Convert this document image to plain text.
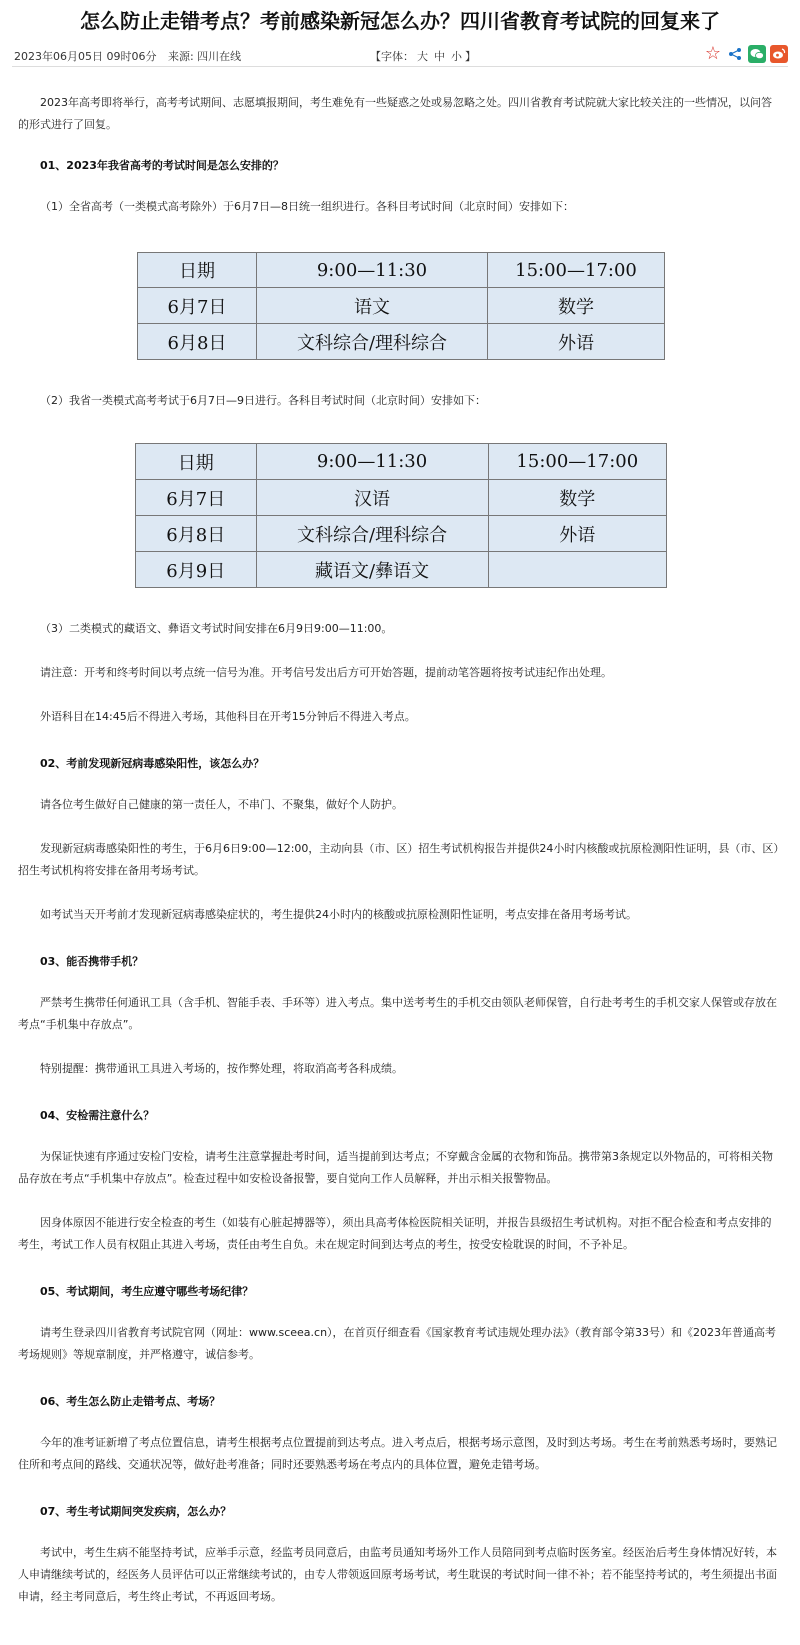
怎么防止走错考点？考前感染新冠怎么办？四川省教育考试院的回复来了
2023年06月05日 09时06分 来源: 四川在线	【字体： 大 中 小 】	☆

2023年高考即将举行，高考考试期间、志愿填报期间，考生难免有一些疑惑之处或易忽略之处。四川省教育考试院就大家比较关注的一些情况，以问答的形式进行了回复。

01、2023年我省高考的考试时间是怎么安排的？

（1）全省高考（一类模式高考除外）于6月7日—8日统一组织进行。各科目考试时间（北京时间）安排如下：

日期	9:00—11:30	15:00—17:00
6月7日	语文	数学
6月8日	文科综合/理科综合	外语

（2）我省一类模式高考考试于6月7日—9日进行。各科目考试时间（北京时间）安排如下：

日期	9:00—11:30	15:00—17:00
6月7日	汉语	数学
6月8日	文科综合/理科综合	外语
6月9日	藏语文/彝语文	

（3）二类模式的藏语文、彝语文考试时间安排在6月9日9:00—11:00。

请注意：开考和终考时间以考点统一信号为准。开考信号发出后方可开始答题，提前动笔答题将按考试违纪作出处理。

外语科目在14:45后不得进入考场，其他科目在开考15分钟后不得进入考点。

02、考前发现新冠病毒感染阳性，该怎么办？

请各位考生做好自己健康的第一责任人，不串门、不聚集，做好个人防护。

发现新冠病毒感染阳性的考生，于6月6日9:00—12:00，主动向县（市、区）招生考试机构报告并提供24小时内核酸或抗原检测阳性证明，县（市、区）招生考试机构将安排在备用考场考试。

如考试当天开考前才发现新冠病毒感染症状的，考生提供24小时内的核酸或抗原检测阳性证明，考点安排在备用考场考试。

03、能否携带手机？

严禁考生携带任何通讯工具（含手机、智能手表、手环等）进入考点。集中送考考生的手机交由领队老师保管，自行赴考考生的手机交家人保管或存放在考点“手机集中存放点”。

特别提醒：携带通讯工具进入考场的，按作弊处理，将取消高考各科成绩。

04、安检需注意什么？

为保证快速有序通过安检门安检，请考生注意掌握赴考时间，适当提前到达考点；不穿戴含金属的衣物和饰品。携带第3条规定以外物品的，可将相关物品存放在考点“手机集中存放点”。检查过程中如安检设备报警，要自觉向工作人员解释，并出示相关报警物品。

因身体原因不能进行安全检查的考生（如装有心脏起搏器等），须出具高考体检医院相关证明，并报告县级招生考试机构。对拒不配合检查和考点安排的考生，考试工作人员有权阻止其进入考场，责任由考生自负。未在规定时间到达考点的考生，按受安检耽误的时间，不予补足。

05、考试期间，考生应遵守哪些考场纪律？

请考生登录四川省教育考试院官网（网址：www.sceea.cn），在首页仔细查看《国家教育考试违规处理办法》（教育部令第33号）和《2023年普通高考考场规则》等规章制度，并严格遵守，诚信参考。

06、考生怎么防止走错考点、考场？

今年的准考证新增了考点位置信息，请考生根据考点位置提前到达考点。进入考点后，根据考场示意图，及时到达考场。考生在考前熟悉考场时，要熟记住所和考点间的路线、交通状况等，做好赴考准备；同时还要熟悉考场在考点内的具体位置，避免走错考场。

07、考生考试期间突发疾病，怎么办？

考试中，考生生病不能坚持考试，应举手示意，经监考员同意后，由监考员通知考场外工作人员陪同到考点临时医务室。经医治后考生身体情况好转，本人申请继续考试的，经医务人员评估可以正常继续考试的，由专人带领返回原考场考试，考生耽误的考试时间一律不补；若不能坚持考试的，考生须提出书面申请，经主考同意后，考生终止考试，不再返回考场。
